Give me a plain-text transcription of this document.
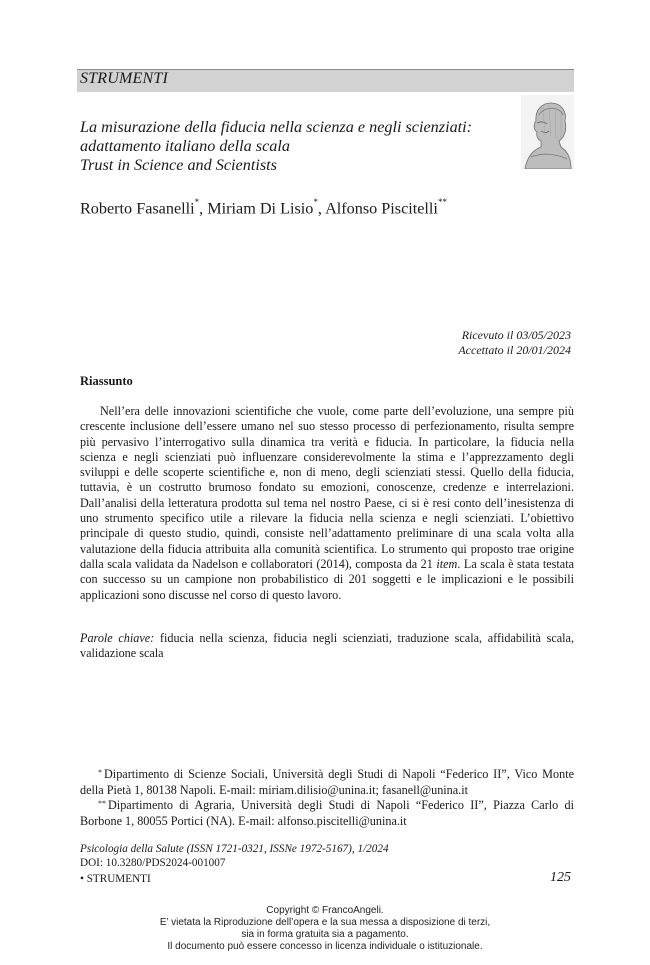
STRUMENTI
La misurazione della fiducia nella scienza e negli scienziati:
adattamento italiano della scala
Trust in Science and Scientists
Roberto Fasanelli*, Miriam Di Lisio*, Alfonso Piscitelli**
Ricevuto il 03/05/2023
Accettato il 20/01/2024
Riassunto
Nell’era delle innovazioni scientifiche che vuole, come parte dell’evoluzione, una sempre più crescente inclusione dell’essere umano nel suo stesso processo di perfezionamento, risulta sempre più pervasivo l’interrogativo sulla dinamica tra verità e fiducia. In particolare, la fiducia nella scienza e negli scienziati può influenzare considerevolmente la stima e l’apprezzamento degli sviluppi e delle scoperte scientifiche e, non di meno, degli scienziati stessi. Quello della fiducia, tuttavia, è un costrutto brumoso fondato su emozioni, conoscenze, credenze e interrelazioni. Dall’analisi della letteratura prodotta sul tema nel nostro Paese, ci si è resi conto dell’inesistenza di uno strumento specifico utile a rilevare la fiducia nella scienza e negli scienziati. L’obiettivo principale di questo studio, quindi, consiste nell’adattamento preliminare di una scala volta alla valutazione della fiducia attribuita alla comunità scientifica. Lo strumento qui proposto trae origine dalla scala validata da Nadelson e collaboratori (2014), composta da 21 item. La scala è stata testata con successo su un campione non probabilistico di 201 soggetti e le implicazioni e le possibili applicazioni sono discusse nel corso di questo lavoro.
Parole chiave: fiducia nella scienza, fiducia negli scienziati, traduzione scala, affidabilità scala, validazione scala
* Dipartimento di Scienze Sociali, Università degli Studi di Napoli “Federico II”, Vico Monte della Pietà 1, 80138 Napoli. E-mail: miriam.dilisio@unina.it; fasanell@unina.it
** Dipartimento di Agraria, Università degli Studi di Napoli “Federico II”, Piazza Carlo di Borbone 1, 80055 Portici (NA). E-mail: alfonso.piscitelli@unina.it
Psicologia della Salute (ISSN 1721-0321, ISSNe 1972-5167), 1/2024
DOI: 10.3280/PDS2024-001007
• STRUMENTI	125
Copyright © FrancoAngeli.
E’ vietata la Riproduzione dell’opera e la sua messa a disposizione di terzi,
sia in forma gratuita sia a pagamento.
Il documento può essere concesso in licenza individuale o istituzionale.
